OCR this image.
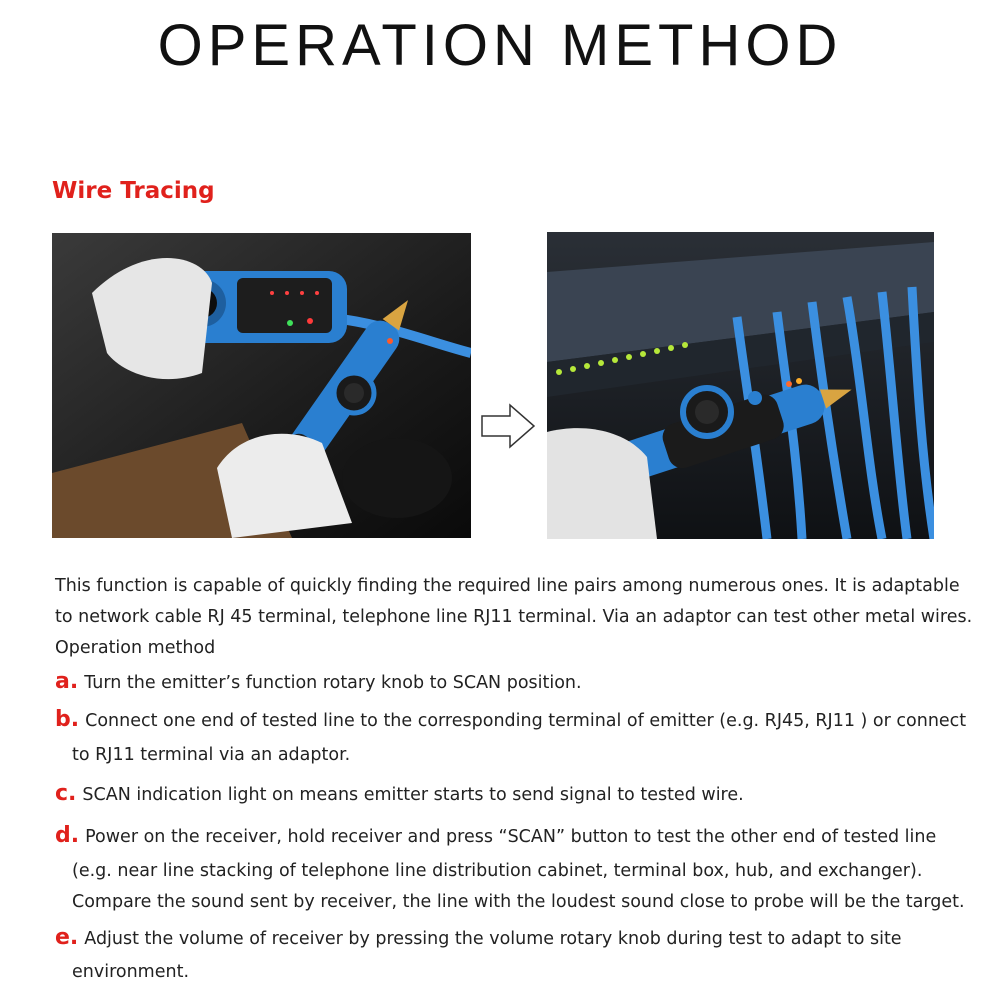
OPERATION METHOD
Wire Tracing
This function is capable of quickly finding the required line pairs among numerous ones. It is adaptable
to network cable RJ 45 terminal, telephone line RJ11 terminal. Via an adaptor can test other metal wires.
Operation method
a. Turn the emitter’s function rotary knob to SCAN position.
b. Connect one end of tested line to the corresponding terminal of emitter (e.g. RJ45, RJ11 ) or connect
to RJ11 terminal via an adaptor.
c. SCAN indication light on means emitter starts to send signal to tested wire.
d. Power on the receiver, hold receiver and press “SCAN” button to test the other end of tested line
(e.g. near line stacking of telephone line distribution cabinet, terminal box, hub, and exchanger).
Compare the sound sent by receiver, the line with the loudest sound close to probe will be the target.
e. Adjust the volume of receiver by pressing the volume rotary knob during test to adapt to site
environment.
